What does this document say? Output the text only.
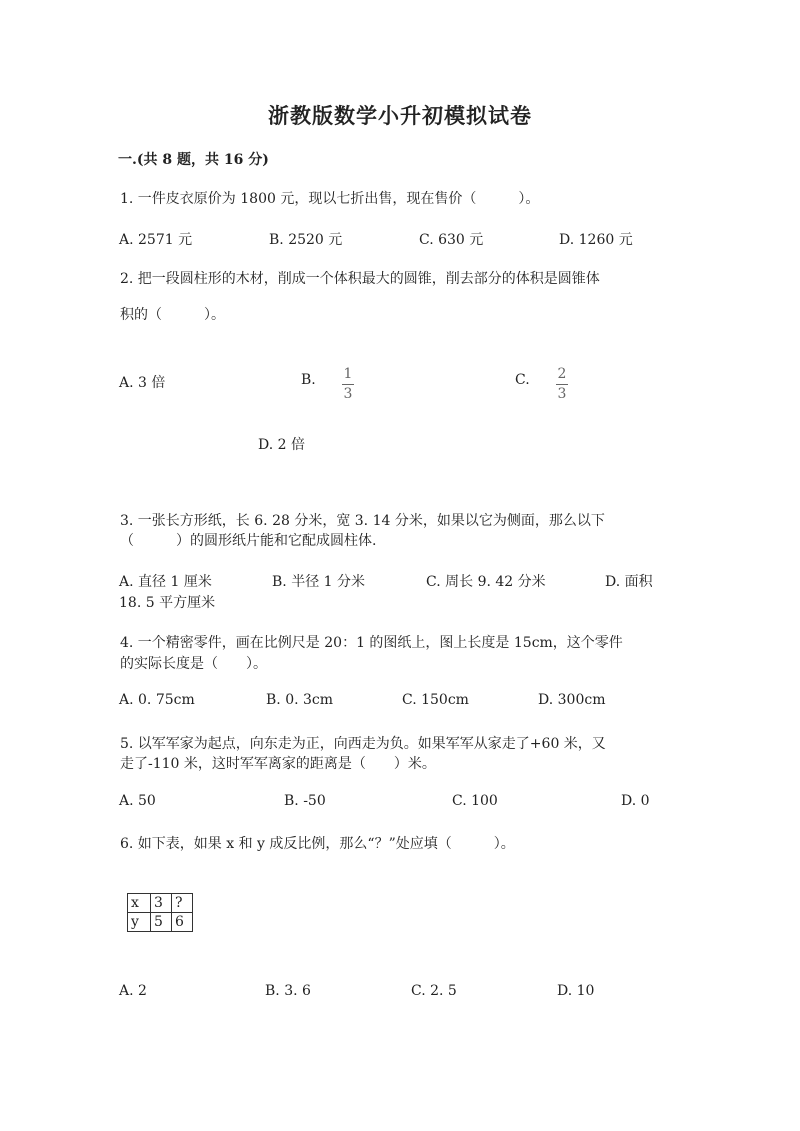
浙教版数学小升初模拟试卷
一.(共 8 题，共 16 分)
1. 一件皮衣原价为 1800 元，现以七折出售，现在售价（　　　）。
A. 2571 元	B. 2520 元	C. 630 元	D. 1260 元
2. 把一段圆柱形的木材，削成一个体积最大的圆锥，削去部分的体积是圆锥体
积的（　　　）。
A. 3 倍	B. 1
3
C. 2
3
D. 2 倍
3. 一张长方形纸，长 6. 28 分米，宽 3. 14 分米，如果以它为侧面，那么以下
（　　　）的圆形纸片能和它配成圆柱体.
A. 直径 1 厘米	B. 半径 1 分米	C. 周长 9. 42 分米	D. 面积
18. 5 平方厘米
4. 一个精密零件，画在比例尺是 20：1 的图纸上，图上长度是 15cm，这个零件
的实际长度是（　　）。
A. 0. 75cm	B. 0. 3cm	C. 150cm	D. 300cm
5. 以军军家为起点，向东走为正，向西走为负。如果军军从家走了+60 米，又
走了-110 米，这时军军离家的距离是（　　）米。
A. 50	B. -50	C. 100	D. 0
6. 如下表，如果 x 和 y 成反比例，那么“？”处应填（　　　）。
x	3	?
y	5	6
A. 2	B. 3. 6	C. 2. 5	D. 10
